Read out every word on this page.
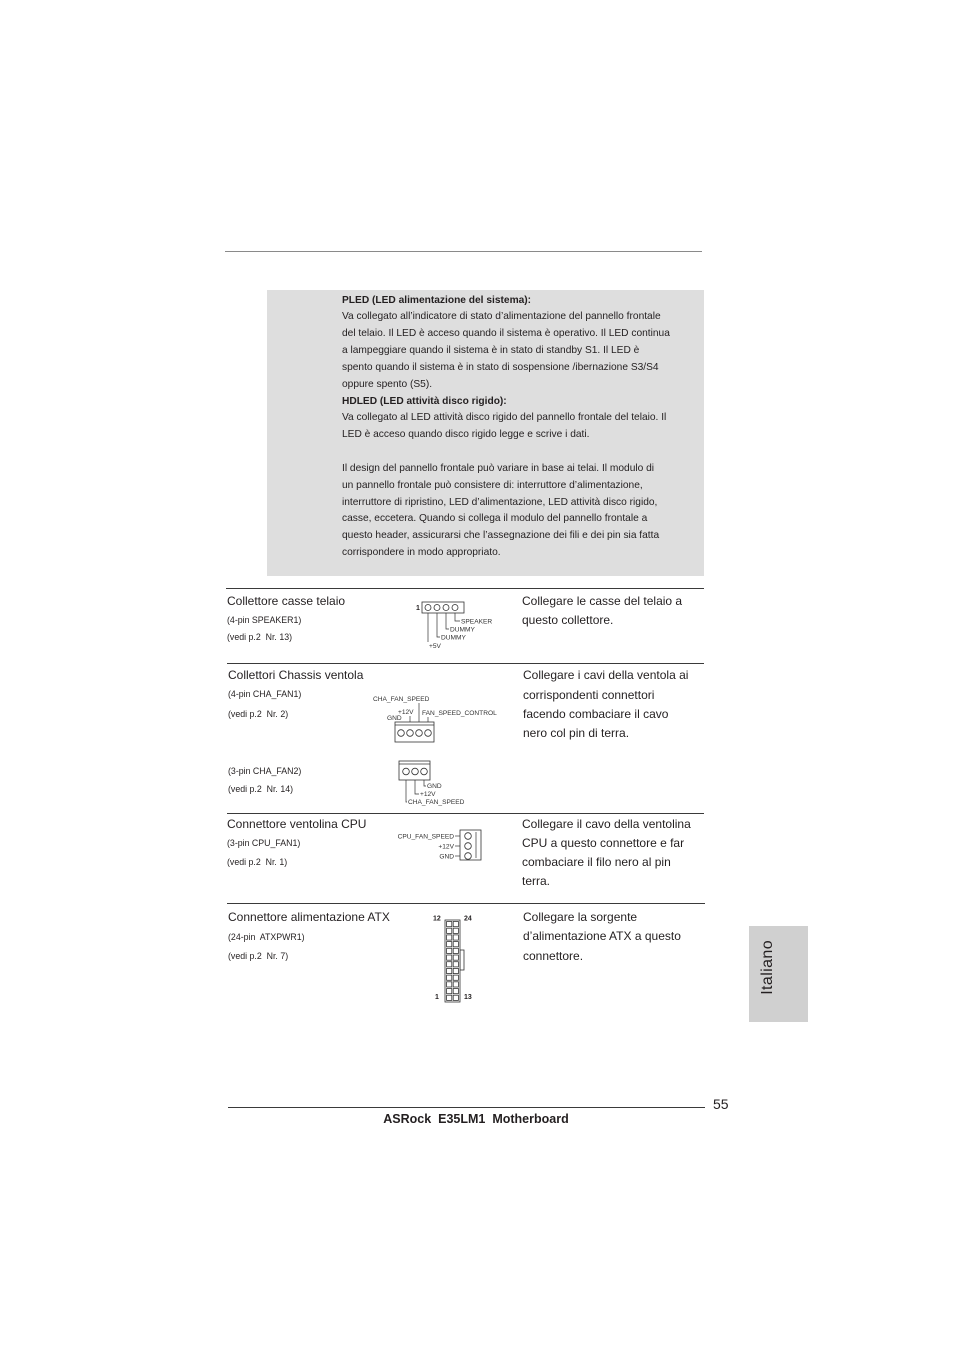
PLED (LED alimentazione del sistema):
Va collegato all’indicatore di stato d’alimentazione del pannello frontale
del telaio. Il LED è acceso quando il sistema è operativo. Il LED continua
a lampeggiare quando il sistema è in stato di standby S1. Il LED è
spento quando il sistema è in stato di sospensione /ibernazione S3/S4
oppure spento (S5).
HDLED (LED attività disco rigido):
Va collegato al LED attività disco rigido del pannello frontale del telaio. Il
LED è acceso quando disco rigido legge e scrive i dati.
Il design del pannello frontale può variare in base ai telai. Il modulo di
un pannello frontale può consistere di: interruttore d’alimentazione,
interruttore di ripristino, LED d’alimentazione, LED attività disco rigido,
casse, eccetera. Quando si collega il modulo del pannello frontale a
questo header, assicurarsi che l’assegnazione dei fili e dei pin sia fatta
corrispondere in modo appropriato.
Collettore casse telaio
(4-pin SPEAKER1)
(vedi p.2  Nr. 13)
Collegare le casse del telaio a
questo collettore.
1
SPEAKER
DUMMY
DUMMY
+5V
Collettori Chassis ventola
(4-pin CHA_FAN1)
(vedi p.2  Nr. 2)
(3-pin CHA_FAN2)
(vedi p.2  Nr. 14)
Collegare i cavi della ventola ai
corrispondenti connettori
facendo combaciare il cavo
nero col pin di terra.
CHA_FAN_SPEED
+12V FAN_SPEED_CONTROL
GND
GND
+12V
CHA_FAN_SPEED
Connettore ventolina CPU
(3-pin CPU_FAN1)
(vedi p.2  Nr. 1)
Collegare il cavo della ventolina
CPU a questo connettore e far
combaciare il filo nero al pin
terra.
CPU_FAN_SPEED
+12V
GND
Connettore alimentazione ATX
(24-pin  ATXPWR1)
(vedi p.2  Nr. 7)
Collegare la sorgente
d’alimentazione ATX a questo
connettore.
12	24
1	13
Italiano
55
ASRock  E35LM1  Motherboard
